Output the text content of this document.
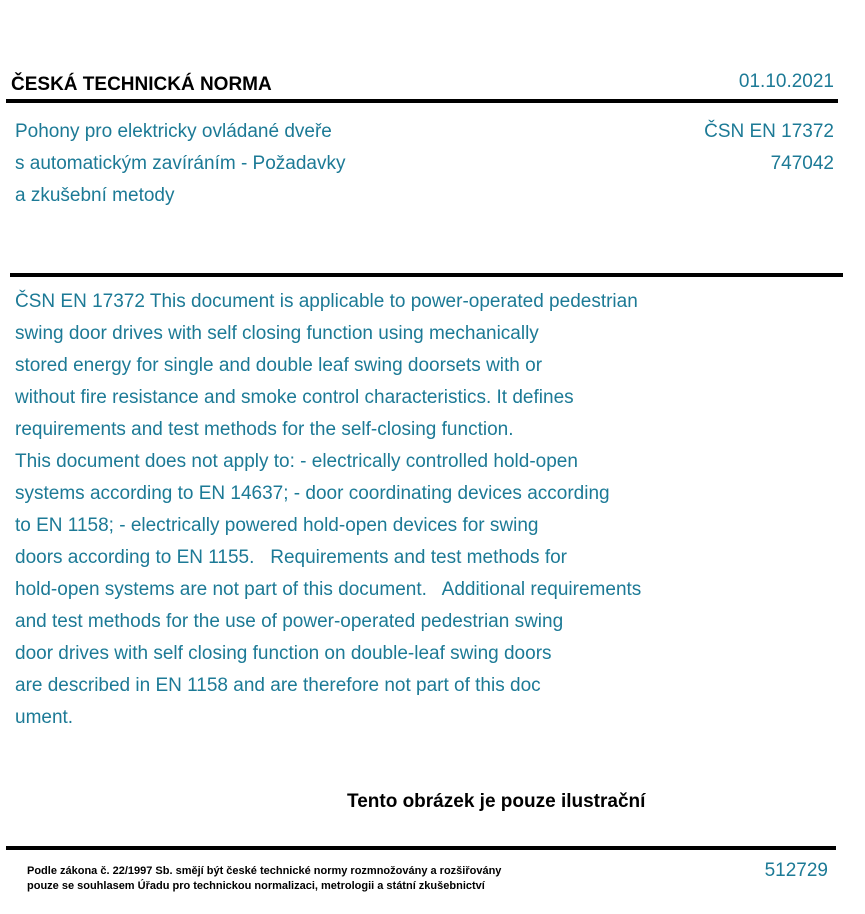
ČESKÁ TECHNICKÁ NORMA	01.10.2021
Pohony pro elektricky ovládané dveře
s automatickým zavíráním - Požadavky
a zkušební metody
ČSN EN 17372
747042
ČSN EN 17372 This document is applicable to power-operated pedestrian
swing door drives with self closing function using mechanically
stored energy for single and double leaf swing doorsets with or
without fire resistance and smoke control characteristics. It defines
requirements and test methods for the self-closing function.
This document does not apply to: - electrically controlled hold-open
systems according to EN 14637; - door coordinating devices according
to EN 1158; - electrically powered hold-open devices for swing
doors according to EN 1155.   Requirements and test methods for
hold-open systems are not part of this document.   Additional requirements
and test methods for the use of power-operated pedestrian swing
door drives with self closing function on double-leaf swing doors
are described in EN 1158 and are therefore not part of this doc
ument.
Tento obrázek je pouze ilustrační
Podle zákona č. 22/1997 Sb. smějí být české technické normy rozmnožovány a rozšiřovány
pouze se souhlasem Úřadu pro technickou normalizaci, metrologii a státní zkušebnictví
512729
